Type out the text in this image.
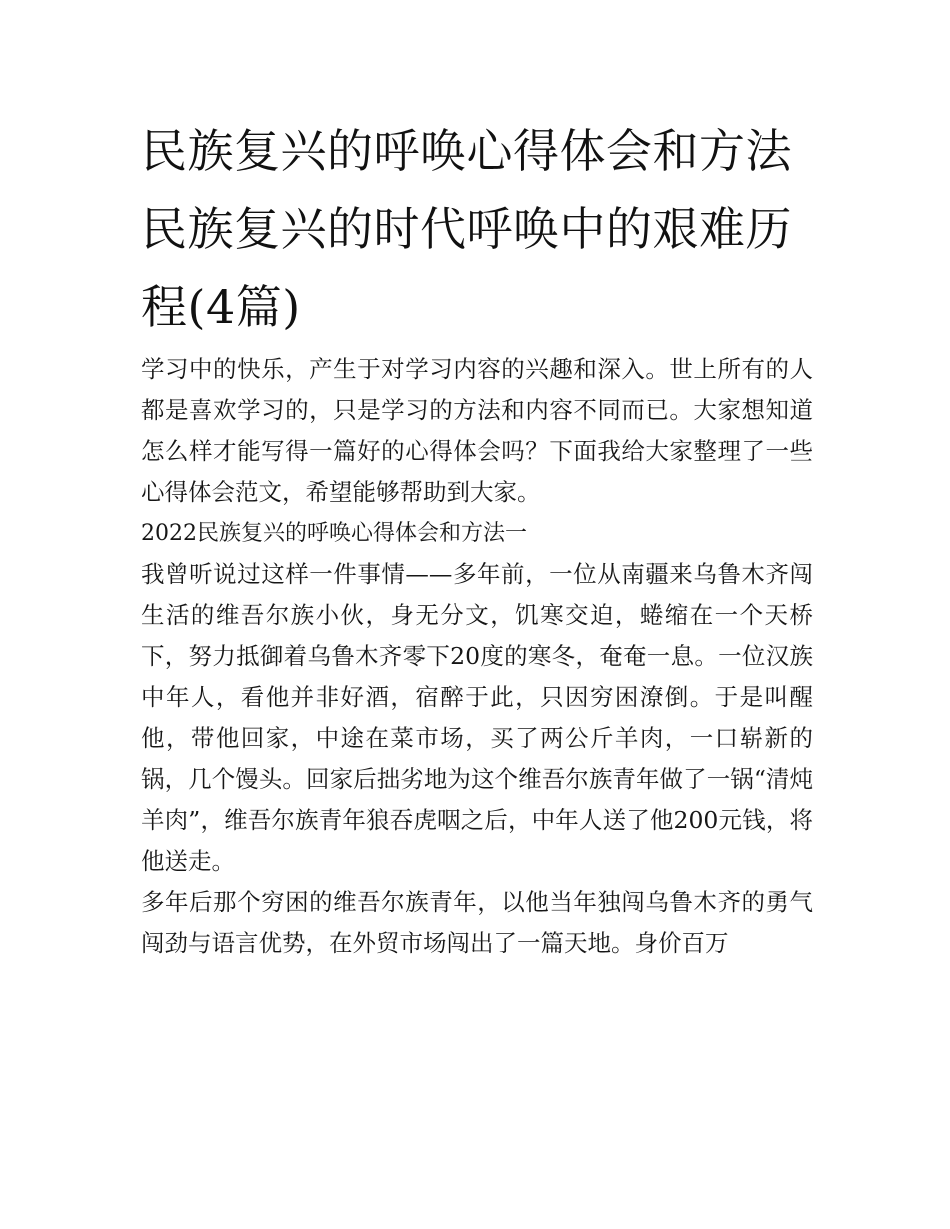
民族复兴的呼唤心得体会和方法 民族复兴的时代呼唤中的艰难历程(4篇)

学习中的快乐，产生于对学习内容的兴趣和深入。世上所有的人都是喜欢学习的，只是学习的方法和内容不同而已。大家想知道怎么样才能写得一篇好的心得体会吗？下面我给大家整理了一些心得体会范文，希望能够帮助到大家。

2022民族复兴的呼唤心得体会和方法一

我曾听说过这样一件事情——多年前，一位从南疆来乌鲁木齐闯生活的维吾尔族小伙，身无分文，饥寒交迫，蜷缩在一个天桥下，努力抵御着乌鲁木齐零下20度的寒冬，奄奄一息。一位汉族中年人，看他并非好酒，宿醉于此，只因穷困潦倒。于是叫醒他，带他回家，中途在菜市场，买了两公斤羊肉，一口崭新的锅，几个馒头。回家后拙劣地为这个维吾尔族青年做了一锅“清炖羊肉”，维吾尔族青年狼吞虎咽之后，中年人送了他200元钱，将他送走。

多年后那个穷困的维吾尔族青年，以他当年独闯乌鲁木齐的勇气闯劲与语言优势，在外贸市场闯出了一篇天地。身价百万
